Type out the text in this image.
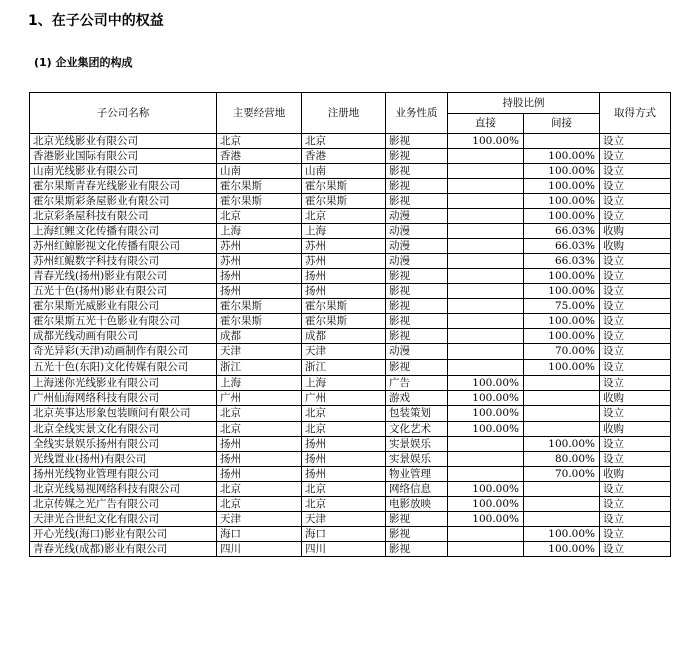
1、在子公司中的权益
(1) 企业集团的构成
子公司名称	主要经营地	注册地	业务性质	持股比例		取得方式
				直接	间接	
北京光线影业有限公司	北京	北京	影视	100.00%		设立
香港影业国际有限公司	香港	香港	影视		100.00%	设立
山南光线影业有限公司	山南	山南	影视		100.00%	设立
霍尔果斯青春光线影业有限公司	霍尔果斯	霍尔果斯	影视		100.00%	设立
霍尔果斯彩条屋影业有限公司	霍尔果斯	霍尔果斯	影视		100.00%	设立
北京彩条屋科技有限公司	北京	北京	动漫		100.00%	设立
上海红鲤文化传播有限公司	上海	上海	动漫		66.03%	收购
苏州红鲸影视文化传播有限公司	苏州	苏州	动漫		66.03%	收购
苏州红鲲数字科技有限公司	苏州	苏州	动漫		66.03%	设立
青春光线(扬州)影业有限公司	扬州	扬州	影视		100.00%	设立
五光十色(扬州)影业有限公司	扬州	扬州	影视		100.00%	设立
霍尔果斯光威影业有限公司	霍尔果斯	霍尔果斯	影视		75.00%	设立
霍尔果斯五光十色影业有限公司	霍尔果斯	霍尔果斯	影视		100.00%	设立
成都光线动画有限公司	成都	成都	影视		100.00%	设立
奇光异彩(天津)动画制作有限公司	天津	天津	动漫		70.00%	设立
五光十色(东阳)文化传媒有限公司	浙江	浙江	影视		100.00%	设立
上海迷你光线影业有限公司	上海	上海	广告	100.00%		设立
广州仙海网络科技有限公司	广州	广州	游戏	100.00%		收购
北京英事达形象包装顾问有限公司	北京	北京	包装策划	100.00%		设立
北京全线实景文化有限公司	北京	北京	文化艺术	100.00%		收购
全线实景娱乐扬州有限公司	扬州	扬州	实景娱乐		100.00%	设立
光线置业(扬州)有限公司	扬州	扬州	实景娱乐		80.00%	设立
扬州光线物业管理有限公司	扬州	扬州	物业管理		70.00%	收购
北京光线易视网络科技有限公司	北京	北京	网络信息	100.00%		设立
北京传媒之光广告有限公司	北京	北京	电影放映	100.00%		设立
天津光合世纪文化有限公司	天津	天津	影视	100.00%		设立
开心光线(海口)影业有限公司	海口	海口	影视		100.00%	设立
青春光线(成都)影业有限公司	四川	四川	影视		100.00%	设立
